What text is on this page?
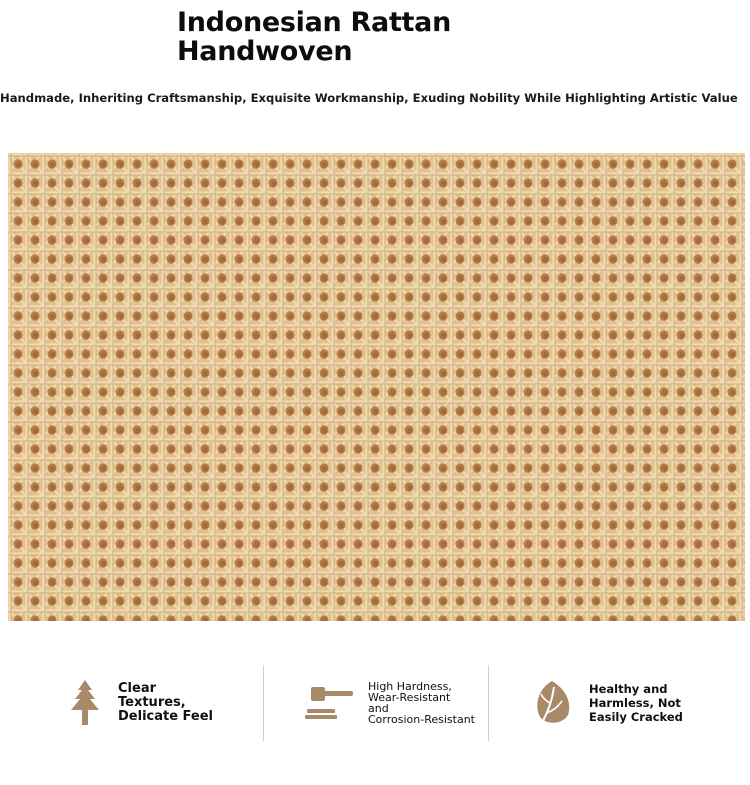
Indonesian Rattan
Handwoven

Handmade, Inheriting Craftsmanship, Exquisite Workmanship, Exuding Nobility While Highlighting Artistic Value

Clear
Textures,
Delicate Feel
High Hardness,
Wear-Resistant
and
Corrosion-Resistant
Healthy and
Harmless, Not
Easily Cracked
